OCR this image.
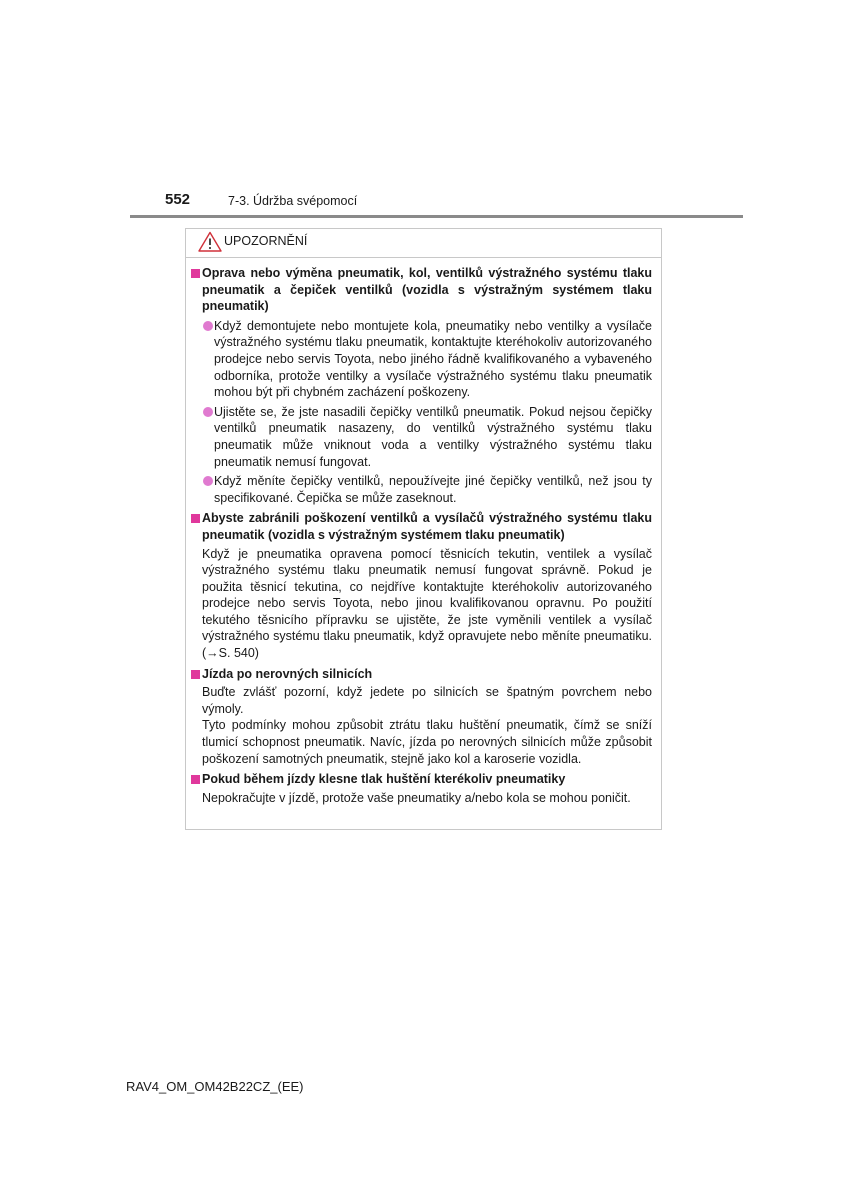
552	7-3. Údržba svépomocí
UPOZORNĚNÍ
Oprava nebo výměna pneumatik, kol, ventilků výstražného systému tlaku pneumatik a čepiček ventilků (vozidla s výstražným systémem tlaku pneumatik)
Když demontujete nebo montujete kola, pneumatiky nebo ventilky a vysílače výstražného systému tlaku pneumatik, kontaktujte kteréhokoliv autorizovaného prodejce nebo servis Toyota, nebo jiného řádně kvalifikovaného a vybaveného odborníka, protože ventilky a vysílače výstražného systému tlaku pneumatik mohou být při chybném zacházení poškozeny.
Ujistěte se, že jste nasadili čepičky ventilků pneumatik. Pokud nejsou čepičky ventilků pneumatik nasazeny, do ventilků výstražného systému tlaku pneumatik může vniknout voda a ventilky výstražného systému tlaku pneumatik nemusí fungovat.
Když měníte čepičky ventilků, nepoužívejte jiné čepičky ventilků, než jsou ty specifikované. Čepička se může zaseknout.
Abyste zabránili poškození ventilků a vysílačů výstražného systému tlaku pneumatik (vozidla s výstražným systémem tlaku pneumatik)
Když je pneumatika opravena pomocí těsnicích tekutin, ventilek a vysílač výstražného systému tlaku pneumatik nemusí fungovat správně. Pokud je použita těsnicí tekutina, co nejdříve kontaktujte kteréhokoliv autorizovaného prodejce nebo servis Toyota, nebo jinou kvalifikovanou opravnu. Po použití tekutého těsnicího přípravku se ujistěte, že jste vyměnili ventilek a vysílač výstražného systému tlaku pneumatik, když opravujete nebo měníte pneumatiku. (→S. 540)
Jízda po nerovných silnicích
Buďte zvlášť pozorní, když jedete po silnicích se špatným povrchem nebo výmoly.
Tyto podmínky mohou způsobit ztrátu tlaku huštění pneumatik, čímž se sníží tlumicí schopnost pneumatik. Navíc, jízda po nerovných silnicích může způsobit poškození samotných pneumatik, stejně jako kol a karoserie vozidla.
Pokud během jízdy klesne tlak huštění kterékoliv pneumatiky
Nepokračujte v jízdě, protože vaše pneumatiky a/nebo kola se mohou poničit.
RAV4_OM_OM42B22CZ_(EE)
